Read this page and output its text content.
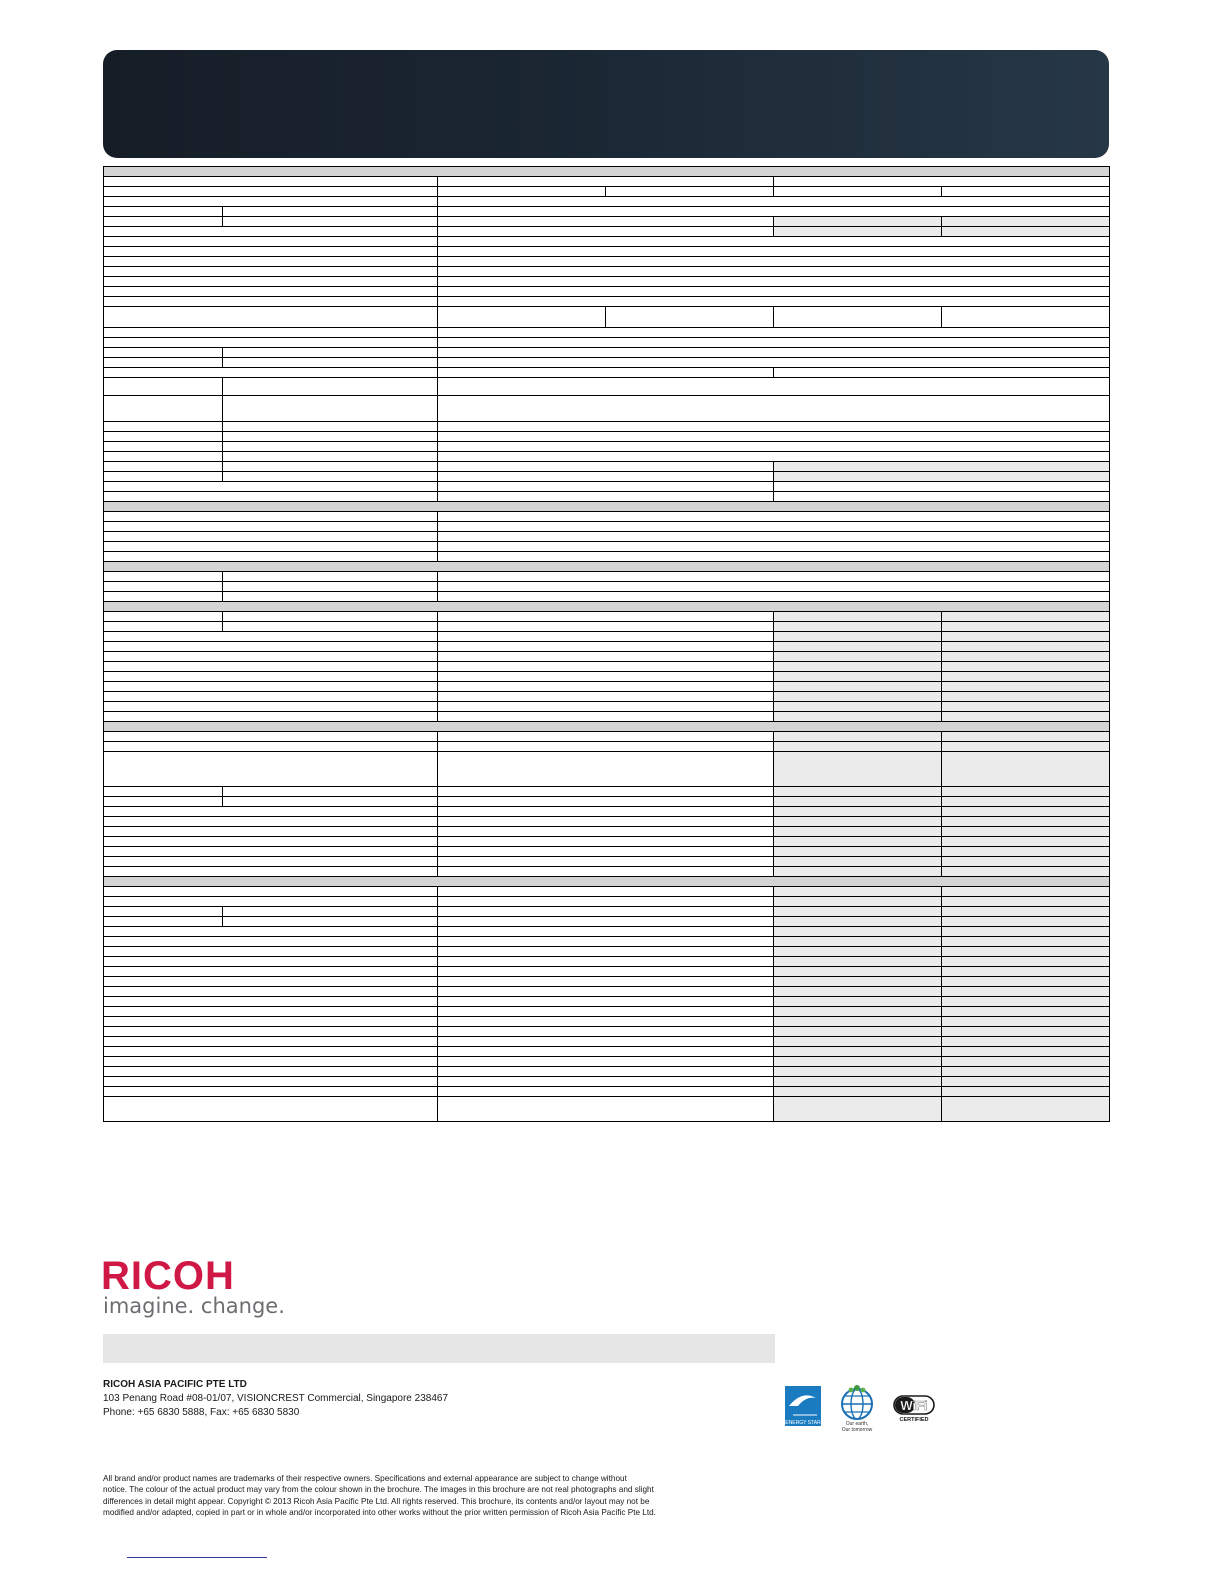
RICOH
imagine. change.
RICOH ASIA PACIFIC PTE LTD
103 Penang Road #08-01/07, VISIONCREST Commercial, Singapore 238467
Phone: +65 6830 5888, Fax: +65 6830 5830
ENERGY STAR	Our earth,
Our tomorrow
WiFi
CERTIFIED
All brand and/or product names are trademarks of their respective owners. Specifications and external appearance are subject to change without
notice. The colour of the actual product may vary from the colour shown in the brochure. The images in this brochure are not real photographs and slight
differences in detail might appear. Copyright © 2013 Ricoh Asia Pacific Pte Ltd. All rights reserved. This brochure, its contents and/or layout may not be
modified and/or adapted, copied in part or in whole and/or incorporated into other works without the prior written permission of Ricoh Asia Pacific Pte Ltd.
